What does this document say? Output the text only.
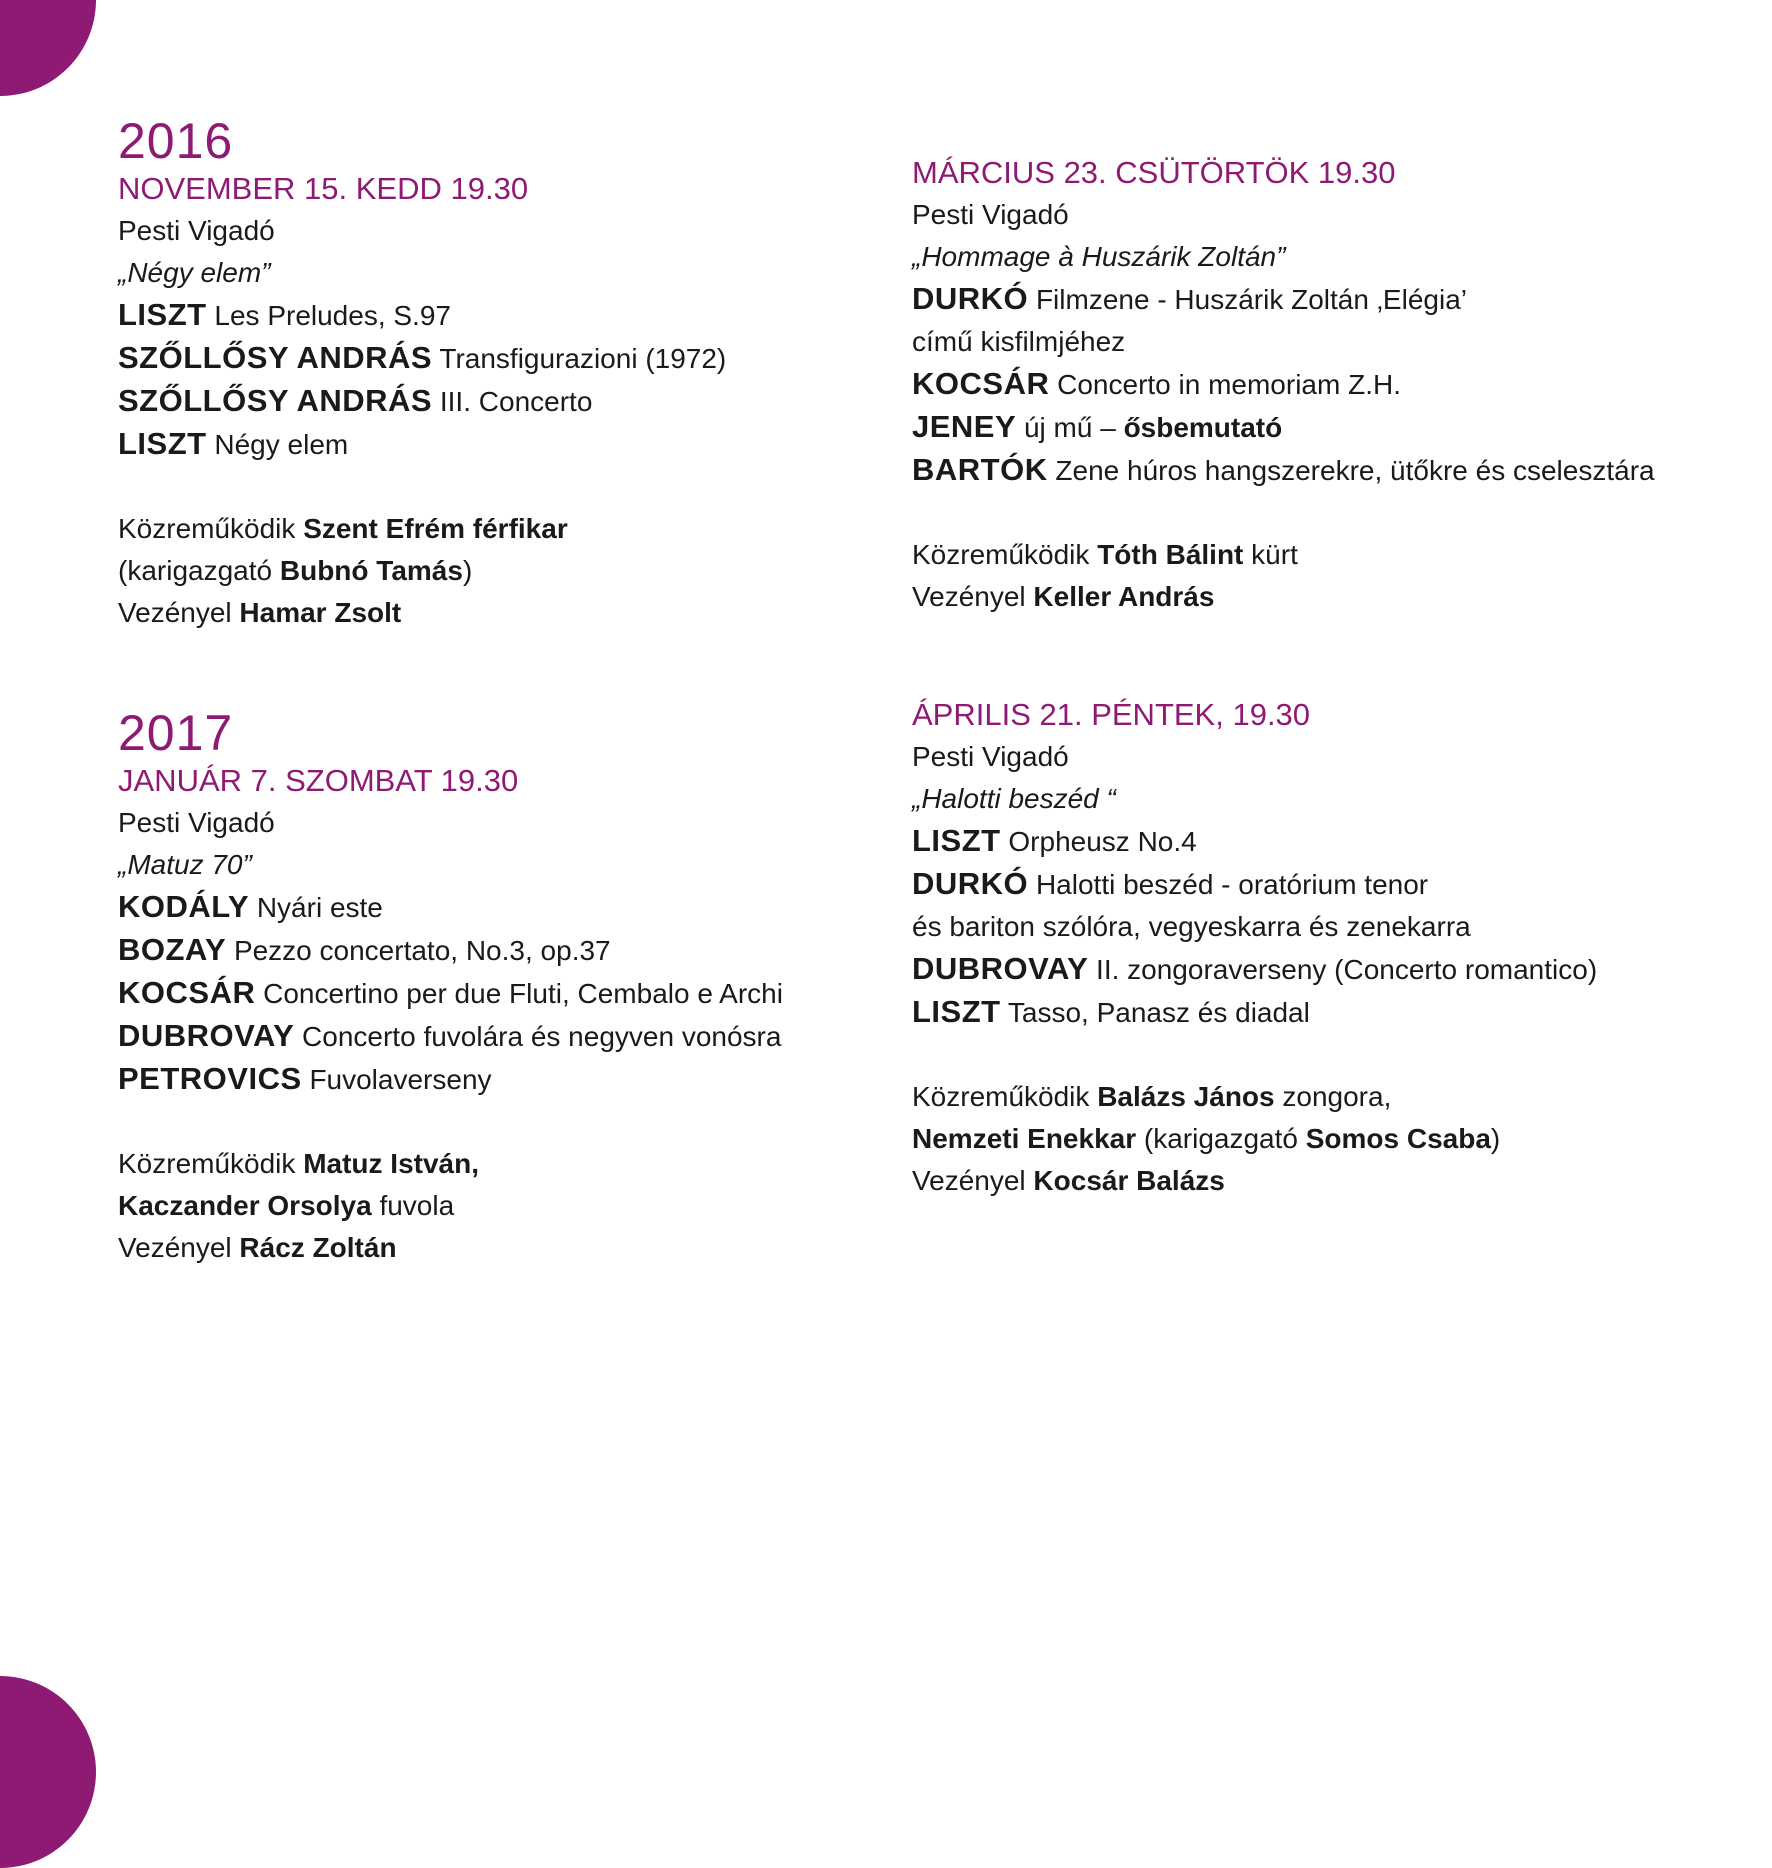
2016
NOVEMBER 15. KEDD 19.30
Pesti Vigadó
„Négy elem”
LISZT Les Preludes, S.97
SZŐLLŐSY ANDRÁS Transfigurazioni (1972)
SZŐLLŐSY ANDRÁS III. Concerto
LISZT Négy elem
Közreműködik Szent Efrém férfikar
(karigazgató Bubnó Tamás)
Vezényel Hamar Zsolt
2017
JANUÁR 7. SZOMBAT 19.30
Pesti Vigadó
„Matuz 70”
KODÁLY Nyári este
BOZAY Pezzo concertato, No.3, op.37
KOCSÁR Concertino per due Fluti, Cembalo e Archi
DUBROVAY Concerto fuvolára és negyven vonósra
PETROVICS Fuvolaverseny
Közreműködik Matuz István,
Kaczander Orsolya fuvola
Vezényel Rácz Zoltán
MÁRCIUS 23. CSÜTÖRTÖK 19.30
Pesti Vigadó
„Hommage à Huszárik Zoltán”
DURKÓ Filmzene - Huszárik Zoltán ‚Elégia’
című kisfilmjéhez
KOCSÁR Concerto in memoriam Z.H.
JENEY új mű – ősbemutató
BARTÓK Zene húros hangszerekre, ütőkre és cselesztára
Közreműködik Tóth Bálint kürt
Vezényel Keller András
ÁPRILIS 21. PÉNTEK, 19.30
Pesti Vigadó
„Halotti beszéd “
LISZT Orpheusz No.4
DURKÓ Halotti beszéd - oratórium tenor
és bariton szólóra, vegyeskarra és zenekarra
DUBROVAY II. zongoraverseny (Concerto romantico)
LISZT Tasso, Panasz és diadal
Közreműködik Balázs János zongora,
Nemzeti Enekkar (karigazgató Somos Csaba)
Vezényel Kocsár Balázs
